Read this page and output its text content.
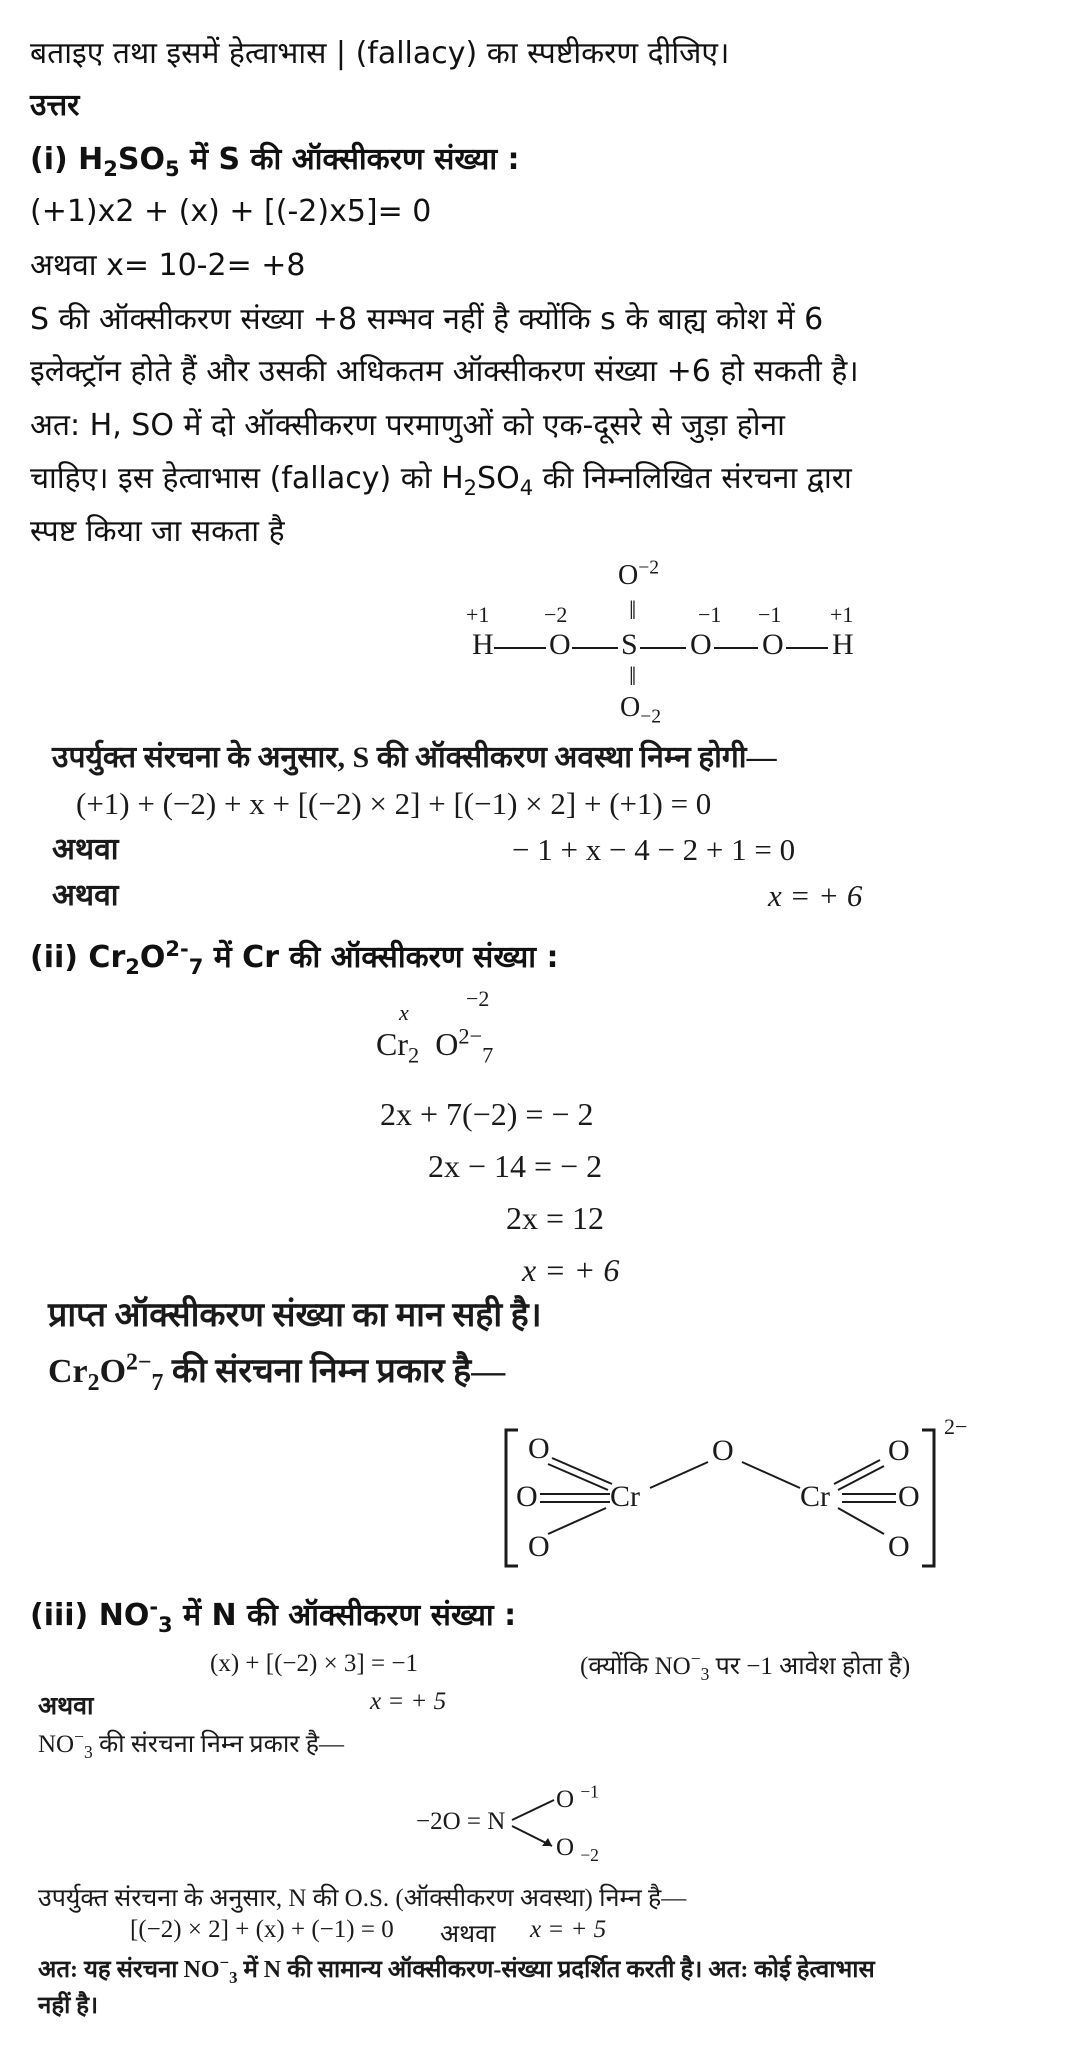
बताइए तथा इसमें हेत्वाभास | (fallacy) का स्पष्टीकरण दीजिए।
उत्तर
(i) $H_2SO_5$ में S की ऑक्सीकरण संख्या :
(+1)x2 + (x) + [(-2)x5]= 0
अथवा x= 10-2= +8
S की ऑक्सीकरण संख्या +8 सम्भव नहीं है क्योंकि s के बाह्य कोश में 6
इलेक्ट्रॉन होते हैं और उसकी अधिकतम ऑक्सीकरण संख्या +6 हो सकती है।
अत: H, SO में दो ऑक्सीकरण परमाणुओं को एक-दूसरे से जुड़ा होना
चाहिए। इस हेत्वाभास (fallacy) को $H_2SO_4$ की निम्नलिखित संरचना द्वारा
स्पष्ट किया जा सकता है
$O^{-2}$
‖
+1 −2	−1 −1 +1
H O S O O H
‖
$O_{-2}$
उपर्युक्त संरचना के अनुसार, S की ऑक्सीकरण अवस्था निम्न होगी—
(+1) + (−2) + x + [(−2) × 2] + [(−1) × 2] + (+1) = 0
अथवा	− 1 + x − 4 − 2 + 1 = 0
अथवा	x = + 6
(ii) $Cr_2O^{2-}_7$ में Cr की ऑक्सीकरण संख्या :
x
−2
$Cr_2$ $O^{2-}_7$
2x + 7(−2) = − 2
2x − 14 = − 2
2x = 12
x = + 6
प्राप्त ऑक्सीकरण संख्या का मान सही है।
$Cr_2O^{2-}_7$ की संरचना निम्न प्रकार है—
O
O
O
Cr
O
Cr
O
O
O
2−
(iii) $NO^-_3$ में N की ऑक्सीकरण संख्या :
(x) + [(−2) × 3] = −1	(क्योंकि $NO^-_3$ पर −1 आवेश होता है)
अथवा	x = + 5
$NO^-_3$ की संरचना निम्न प्रकार है—
−2O = N
O $^{-1}$
O $_{-2}$
उपर्युक्त संरचना के अनुसार, N की O.S. (ऑक्सीकरण अवस्था) निम्न है—
[(−2) × 2] + (x) + (−1) = 0 अथवा x = + 5
अत: यह संरचना $NO^-_3$ में N की सामान्य ऑक्सीकरण-संख्या प्रदर्शित करती है। अत: कोई हेत्वाभास
नहीं है।
